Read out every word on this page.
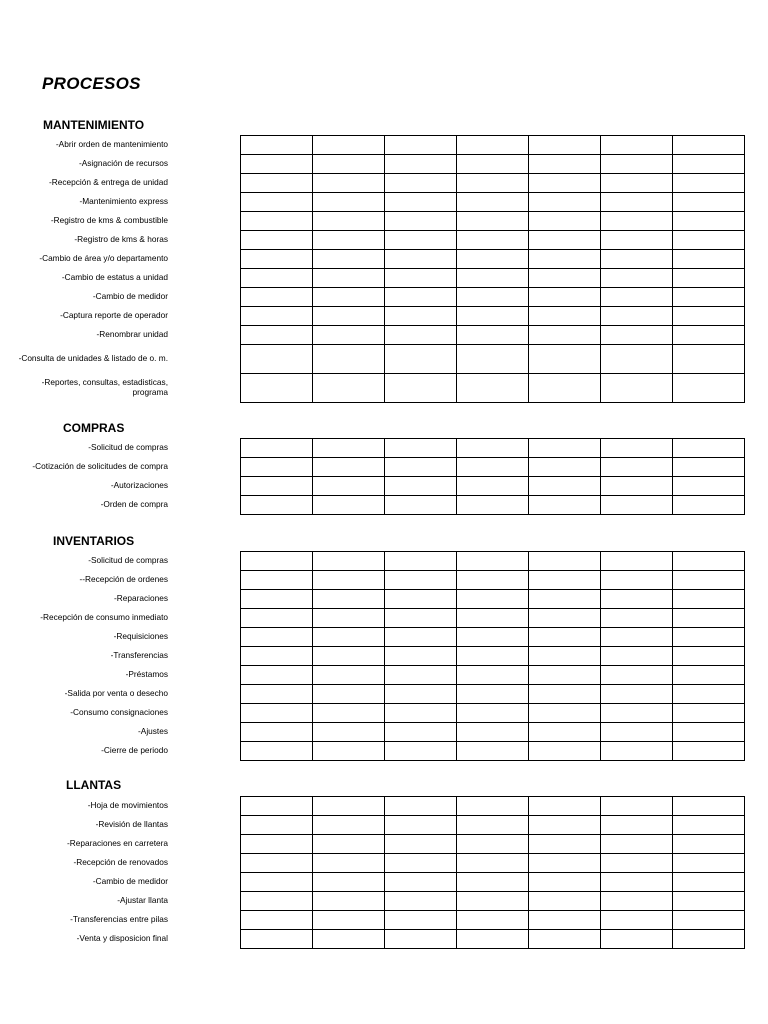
PROCESOS
MANTENIMIENTO
-Abrir orden de mantenimiento
-Asignación de recursos
-Recepción & entrega de unidad
-Mantenimiento express
-Registro de kms & combustible
-Registro de kms & horas
-Cambio de área y/o departamento
-Cambio de estatus a unidad
-Cambio de medidor
-Captura reporte de operador
-Renombrar unidad
-Consulta de unidades & listado de o. m.
-Reportes, consultas, estadisticas, programa

COMPRAS
-Solicitud de compras
-Cotización de solicitudes de compra
-Autorizaciones
-Orden de compra

INVENTARIOS
-Solicitud de compras
--Recepción de ordenes
-Reparaciones
-Recepción de consumo inmediato
-Requisiciones
-Transferencias
-Préstamos
-Salida por venta o desecho
-Consumo consignaciones
-Ajustes
-Cierre de periodo

LLANTAS
-Hoja de movimientos
-Revisión de llantas
-Reparaciones en carretera
-Recepción de renovados
-Cambio de medidor
-Ajustar llanta
-Transferencias entre pilas
-Venta y disposicion final
